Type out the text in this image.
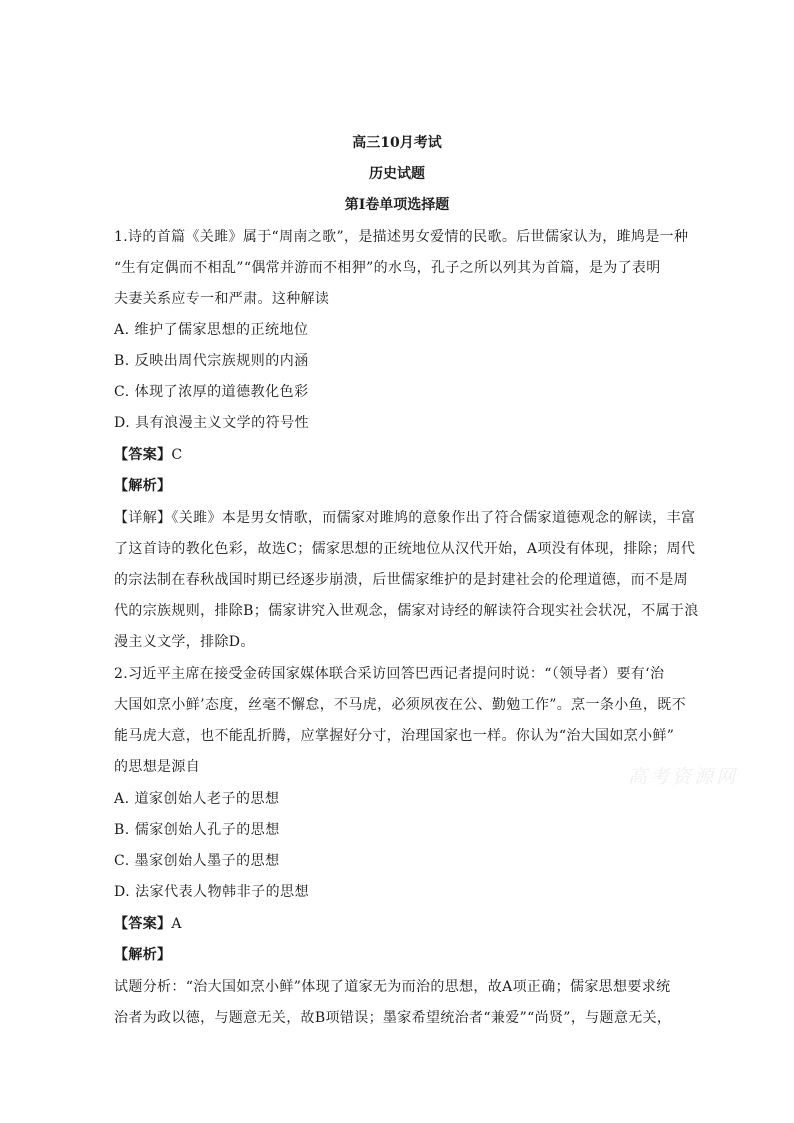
高三10月考试
历史试题
第I卷单项选择题
1.诗的首篇《关雎》属于“周南之歌”，是描述男女爱情的民歌。后世儒家认为，雎鸠是一种
“生有定偶而不相乱”“偶常并游而不相狎”的水鸟，孔子之所以列其为首篇，是为了表明
夫妻关系应专一和严肃。这种解读
A. 维护了儒家思想的正统地位
B. 反映出周代宗族规则的内涵
C. 体现了浓厚的道德教化色彩
D. 具有浪漫主义文学的符号性
【答案】C
【解析】
【详解】《关雎》本是男女情歌，而儒家对雎鸠的意象作出了符合儒家道德观念的解读，丰富
了这首诗的教化色彩，故选C；儒家思想的正统地位从汉代开始，A项没有体现，排除；周代
的宗法制在春秋战国时期已经逐步崩溃，后世儒家维护的是封建社会的伦理道德，而不是周
代的宗族规则，排除B；儒家讲究入世观念，儒家对诗经的解读符合现实社会状况，不属于浪
漫主义文学，排除D。
2.习近平主席在接受金砖国家媒体联合采访回答巴西记者提问时说：“（领导者）要有‘治
大国如烹小鲜’态度，丝毫不懈怠，不马虎，必须夙夜在公、勤勉工作”。烹一条小鱼，既不
能马虎大意，也不能乱折腾，应掌握好分寸，治理国家也一样。你认为“治大国如烹小鲜”
的思想是源自
A. 道家创始人老子的思想
B. 儒家创始人孔子的思想
C. 墨家创始人墨子的思想
D. 法家代表人物韩非子的思想
【答案】A
【解析】
试题分析：“治大国如烹小鲜”体现了道家无为而治的思想，故A项正确；儒家思想要求统
治者为政以德，与题意无关，故B项错误；墨家希望统治者“兼爱”“尚贤”，与题意无关，
高考资源网
